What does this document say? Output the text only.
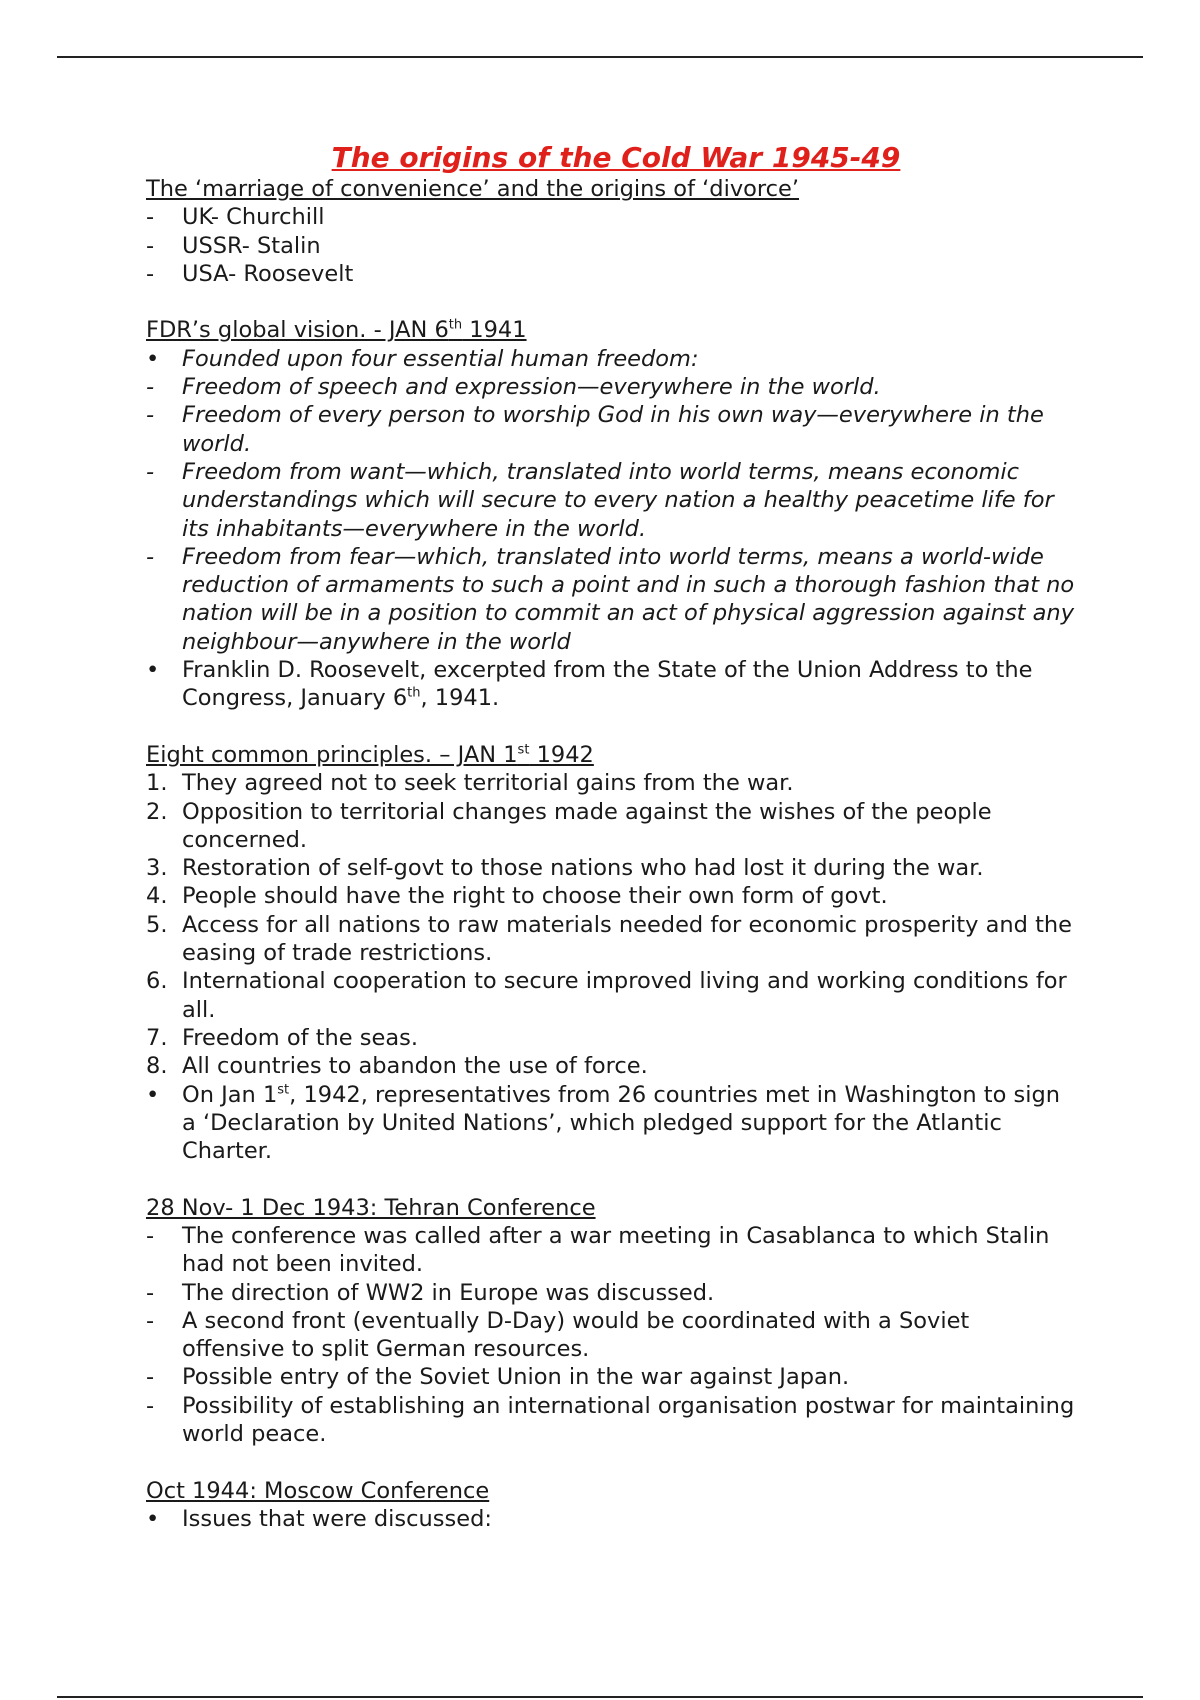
The origins of the Cold War 1945-49
The ‘marriage of convenience’ and the origins of ‘divorce’
-	UK- Churchill
-	USSR- Stalin
-	USA- Roosevelt
FDR’s global vision. - JAN 6th 1941
•	Founded upon four essential human freedom:
-	Freedom of speech and expression—everywhere in the world.
-	Freedom of every person to worship God in his own way—everywhere in the world.
-	Freedom from want—which, translated into world terms, means economic understandings which will secure to every nation a healthy peacetime life for its inhabitants—everywhere in the world.
-	Freedom from fear—which, translated into world terms, means a world-wide reduction of armaments to such a point and in such a thorough fashion that no nation will be in a position to commit an act of physical aggression against any neighbour—anywhere in the world
•	Franklin D. Roosevelt, excerpted from the State of the Union Address to the Congress, January 6th, 1941.
Eight common principles. – JAN 1st 1942
1. They agreed not to seek territorial gains from the war.
2. Opposition to territorial changes made against the wishes of the people concerned.
3. Restoration of self-govt to those nations who had lost it during the war.
4. People should have the right to choose their own form of govt.
5. Access for all nations to raw materials needed for economic prosperity and the easing of trade restrictions.
6. International cooperation to secure improved living and working conditions for all.
7. Freedom of the seas.
8. All countries to abandon the use of force.
•	On Jan 1st, 1942, representatives from 26 countries met in Washington to sign a ‘Declaration by United Nations’, which pledged support for the Atlantic Charter.
28 Nov- 1 Dec 1943: Tehran Conference
-	The conference was called after a war meeting in Casablanca to which Stalin had not been invited.
-	The direction of WW2 in Europe was discussed.
-	A second front (eventually D-Day) would be coordinated with a Soviet offensive to split German resources.
-	Possible entry of the Soviet Union in the war against Japan.
-	Possibility of establishing an international organisation postwar for maintaining world peace.
Oct 1944: Moscow Conference
•	Issues that were discussed:
